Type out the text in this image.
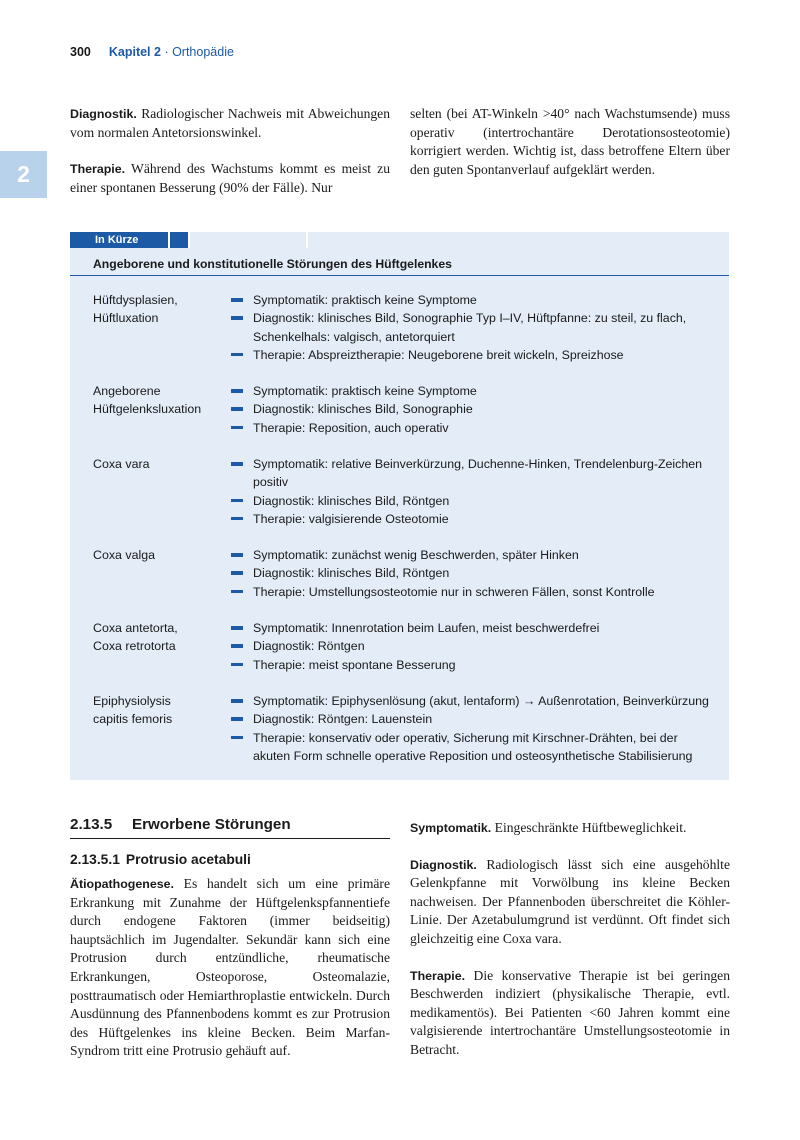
300 Kapitel 2 · Orthopädie
2

Diagnostik. Radiologischer Nachweis mit Abweichungen vom normalen Antetorsionswinkel.

Therapie. Während des Wachstums kommt es meist zu einer spontanen Besserung (90% der Fälle). Nur

selten (bei AT-Winkeln >40° nach Wachstumsende) muss operativ (intertrochantäre Derotationsosteotomie) korrigiert werden. Wichtig ist, dass betroffene Eltern über den guten Spontanverlauf aufgeklärt werden.

In Kürze
Angeborene und konstitutionelle Störungen des Hüftgelenkes
Hüftdysplasien,
Hüftluxation
Symptomatik: praktisch keine Symptome
Diagnostik: klinisches Bild, Sonographie Typ I–IV, Hüftpfanne: zu steil, zu flach, Schenkelhals: valgisch, antetorquiert
Therapie: Abspreiztherapie: Neugeborene breit wickeln, Spreizhose
Angeborene
Hüftgelenksluxation
Symptomatik: praktisch keine Symptome
Diagnostik: klinisches Bild, Sonographie
Therapie: Reposition, auch operativ
Coxa vara	Symptomatik: relative Beinverkürzung, Duchenne-Hinken, Trendelenburg-Zeichen positiv
Diagnostik: klinisches Bild, Röntgen
Therapie: valgisierende Osteotomie
Coxa valga	Symptomatik: zunächst wenig Beschwerden, später Hinken
Diagnostik: klinisches Bild, Röntgen
Therapie: Umstellungsosteotomie nur in schweren Fällen, sonst Kontrolle
Coxa antetorta,
Coxa retrotorta
Symptomatik: Innenrotation beim Laufen, meist beschwerdefrei
Diagnostik: Röntgen
Therapie: meist spontane Besserung
Epiphysiolysis
capitis femoris
Symptomatik: Epiphysenlösung (akut, lentaform) → Außenrotation, Beinverkürzung
Diagnostik: Röntgen: Lauenstein
Therapie: konservativ oder operativ, Sicherung mit Kirschner-Drähten, bei der akuten Form schnelle operative Reposition und osteosynthetische Stabilisierung
2.13.5 Erworbene Störungen
2.13.5.1 Protrusio acetabuli

Ätiopathogenese. Es handelt sich um eine primäre Erkrankung mit Zunahme der Hüftgelenkspfannentiefe durch endogene Faktoren (immer beidseitig) hauptsächlich im Jugendalter. Sekundär kann sich eine Protrusion durch entzündliche, rheumatische Erkrankungen, Osteoporose, Osteomalazie, posttraumatisch oder Hemiarthroplastie entwickeln. Durch Ausdünnung des Pfannenbodens kommt es zur Protrusion des Hüftgelenkes ins kleine Becken. Beim Marfan-Syndrom tritt eine Protrusio gehäuft auf.

Symptomatik. Eingeschränkte Hüftbeweglichkeit.

Diagnostik. Radiologisch lässt sich eine ausgehöhlte Gelenkpfanne mit Vorwölbung ins kleine Becken nachweisen. Der Pfannenboden überschreitet die Köhler-Linie. Der Azetabulumgrund ist verdünnt. Oft findet sich gleichzeitig eine Coxa vara.

Therapie. Die konservative Therapie ist bei geringen Beschwerden indiziert (physikalische Therapie, evtl. medikamentös). Bei Patienten <60 Jahren kommt eine valgisierende intertrochantäre Umstellungsosteotomie in Betracht.
